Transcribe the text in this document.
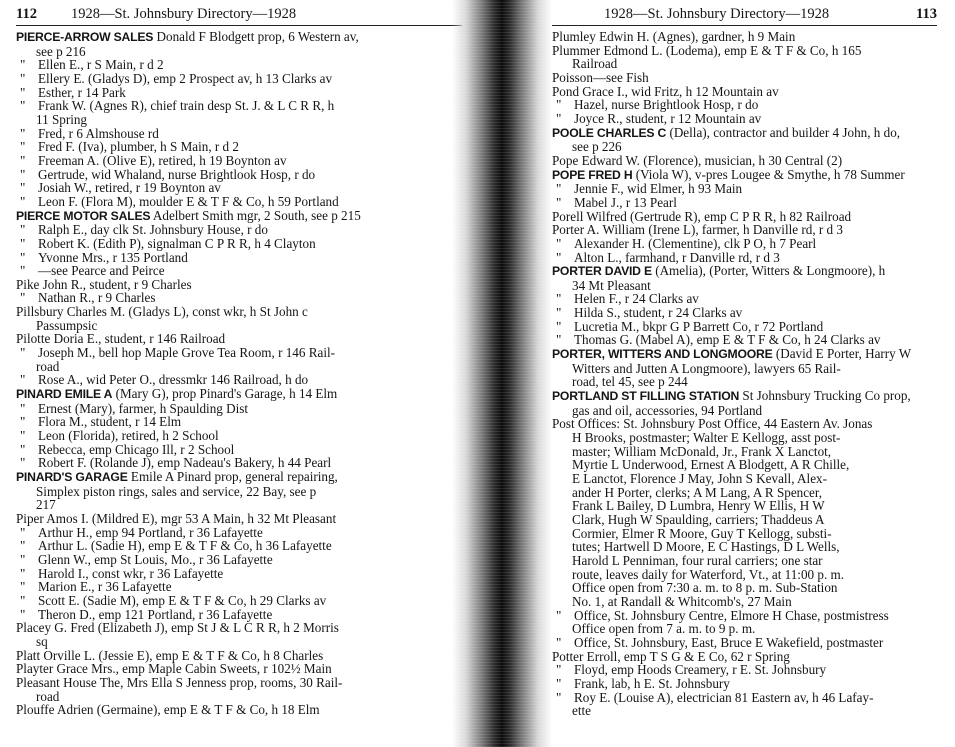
112 1928—St. Johnsbury Directory—1928
PIERCE-ARROW SALES Donald F Blodgett prop, 6 Western av,
see p 216
" Ellen E., r S Main, r d 2
" Ellery E. (Gladys D), emp 2 Prospect av, h 13 Clarks av
" Esther, r 14 Park
" Frank W. (Agnes R), chief train desp St. J. & L C R R, h
11 Spring
" Fred, r 6 Almshouse rd
" Fred F. (Iva), plumber, h S Main, r d 2
" Freeman A. (Olive E), retired, h 19 Boynton av
" Gertrude, wid Whaland, nurse Brightlook Hosp, r do
" Josiah W., retired, r 19 Boynton av
" Leon F. (Flora M), moulder E & T F & Co, h 59 Portland
PIERCE MOTOR SALES Adelbert Smith mgr, 2 South, see p 215
" Ralph E., day clk St. Johnsbury House, r do
" Robert K. (Edith P), signalman C P R R, h 4 Clayton
" Yvonne Mrs., r 135 Portland
" —see Pearce and Peirce
Pike John R., student, r 9 Charles
" Nathan R., r 9 Charles
Pillsbury Charles M. (Gladys L), const wkr, h St John c
Passumpsic
Pilotte Doria E., student, r 146 Railroad
" Joseph M., bell hop Maple Grove Tea Room, r 146 Rail-
road
" Rose A., wid Peter O., dressmkr 146 Railroad, h do
PINARD EMILE A (Mary G), prop Pinard's Garage, h 14 Elm
" Ernest (Mary), farmer, h Spaulding Dist
" Flora M., student, r 14 Elm
" Leon (Florida), retired, h 2 School
" Rebecca, emp Chicago Ill, r 2 School
" Robert F. (Rolande J), emp Nadeau's Bakery, h 44 Pearl
PINARD'S GARAGE Emile A Pinard prop, general repairing,
Simplex piston rings, sales and service, 22 Bay, see p
217
Piper Amos I. (Mildred E), mgr 53 A Main, h 32 Mt Pleasant
" Arthur H., emp 94 Portland, r 36 Lafayette
" Arthur L. (Sadie H), emp E & T F & Co, h 36 Lafayette
" Glenn W., emp St Louis, Mo., r 36 Lafayette
" Harold I., const wkr, r 36 Lafayette
" Marion E., r 36 Lafayette
" Scott E. (Sadie M), emp E & T F & Co, h 29 Clarks av
" Theron D., emp 121 Portland, r 36 Lafayette
Placey G. Fred (Elizabeth J), emp St J & L C R R, h 2 Morris
sq
Platt Orville L. (Jessie E), emp E & T F & Co, h 8 Charles
Playter Grace Mrs., emp Maple Cabin Sweets, r 102½ Main
Pleasant House The, Mrs Ella S Jenness prop, rooms, 30 Rail-
road
Plouffe Adrien (Germaine), emp E & T F & Co, h 18 Elm
1928—St. Johnsbury Directory—1928	113
Plumley Edwin H. (Agnes), gardner, h 9 Main
Plummer Edmond L. (Lodema), emp E & T F & Co, h 165
Railroad
Poisson—see Fish
Pond Grace I., wid Fritz, h 12 Mountain av
" Hazel, nurse Brightlook Hosp, r do
" Joyce R., student, r 12 Mountain av
POOLE CHARLES C (Della), contractor and builder 4 John, h do,
see p 226
Pope Edward W. (Florence), musician, h 30 Central (2)
POPE FRED H (Viola W), v-pres Lougee & Smythe, h 78 Summer
" Jennie F., wid Elmer, h 93 Main
" Mabel J., r 13 Pearl
Porell Wilfred (Gertrude R), emp C P R R, h 82 Railroad
Porter A. William (Irene L), farmer, h Danville rd, r d 3
" Alexander H. (Clementine), clk P O, h 7 Pearl
" Alton L., farmhand, r Danville rd, r d 3
PORTER DAVID E (Amelia), (Porter, Witters & Longmoore), h
34 Mt Pleasant
" Helen F., r 24 Clarks av
" Hilda S., student, r 24 Clarks av
" Lucretia M., bkpr G P Barrett Co, r 72 Portland
" Thomas G. (Mabel A), emp E & T F & Co, h 24 Clarks av
PORTER, WITTERS AND LONGMOORE (David E Porter, Harry W
Witters and Jutten A Longmoore), lawyers 65 Rail-
road, tel 45, see p 244
PORTLAND ST FILLING STATION St Johnsbury Trucking Co prop,
gas and oil, accessories, 94 Portland
Post Offices: St. Johnsbury Post Office, 44 Eastern Av. Jonas
H Brooks, postmaster; Walter E Kellogg, asst post-
master; William McDonald, Jr., Frank X Lanctot,
Myrtie L Underwood, Ernest A Blodgett, A R Chille,
E Lanctot, Florence J May, John S Kevall, Alex-
ander H Porter, clerks; A M Lang, A R Spencer,
Frank L Bailey, D Lumbra, Henry W Ellis, H W
Clark, Hugh W Spaulding, carriers; Thaddeus A
Cormier, Elmer R Moore, Guy T Kellogg, substi-
tutes; Hartwell D Moore, E C Hastings, D L Wells,
Harold L Penniman, four rural carriers; one star
route, leaves daily for Waterford, Vt., at 11:00 p. m.
Office open from 7:30 a. m. to 8 p. m. Sub-Station
No. 1, at Randall & Whitcomb's, 27 Main
" Office, St. Johnsbury Centre, Elmore H Chase, postmistress
Office open from 7 a. m. to 9 p. m.
" Office, St. Johnsbury, East, Bruce E Wakefield, postmaster
Potter Erroll, emp T S G & E Co, 62 r Spring
" Floyd, emp Hoods Creamery, r E. St. Johnsbury
" Frank, lab, h E. St. Johnsbury
" Roy E. (Louise A), electrician 81 Eastern av, h 46 Lafay-
ette
